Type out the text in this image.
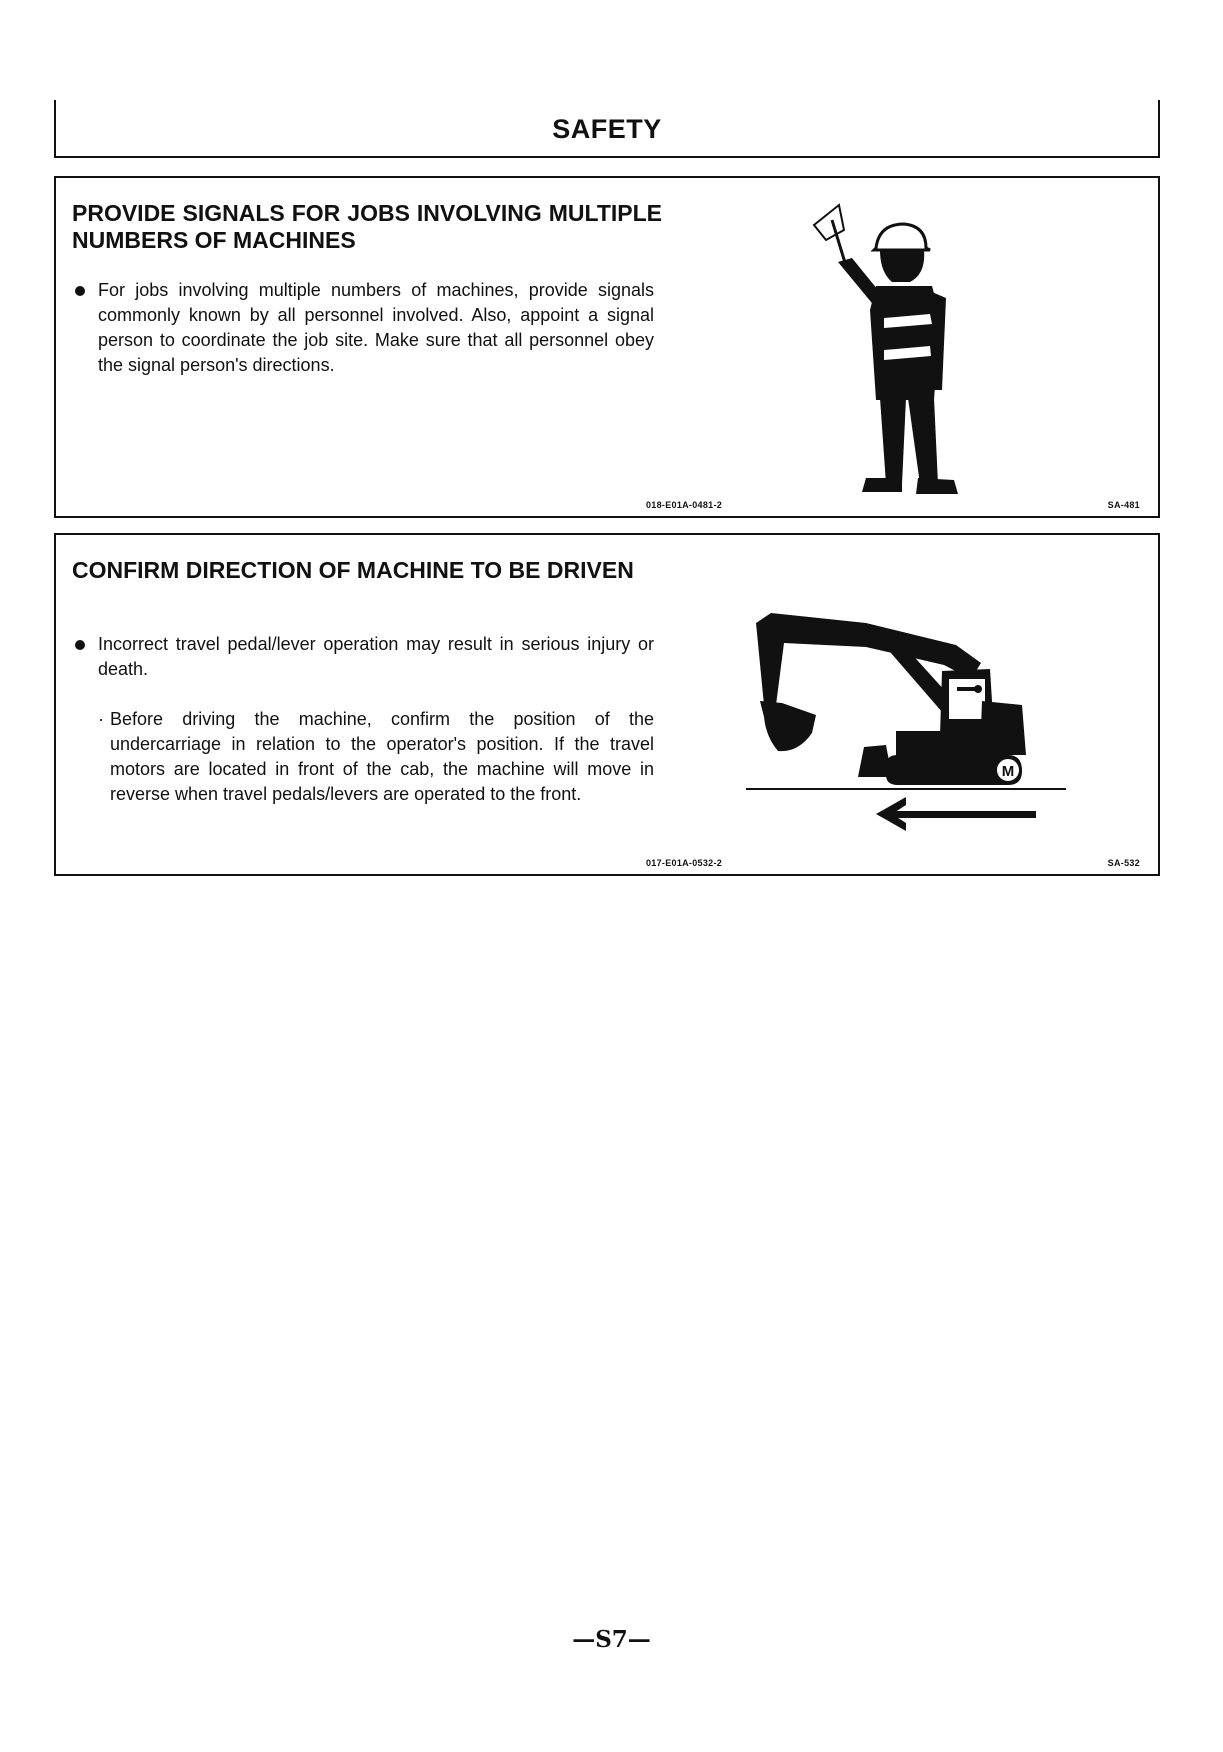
SAFETY
PROVIDE SIGNALS FOR JOBS INVOLVING MULTIPLE NUMBERS OF MACHINES
For jobs involving multiple numbers of machines, provide signals commonly known by all personnel involved. Also, appoint a signal person to coordinate the job site. Make sure that all personnel obey the signal person's directions.
018-E01A-0481-2	SA-481
CONFIRM DIRECTION OF MACHINE TO BE DRIVEN
Incorrect travel pedal/lever operation may result in serious injury or death.
· Before driving the machine, confirm the position of the undercarriage in relation to the operator's position. If the travel motors are located in front of the cab, the machine will move in reverse when travel pedals/levers are operated to the front.
M
017-E01A-0532-2	SA-532
—S7—
